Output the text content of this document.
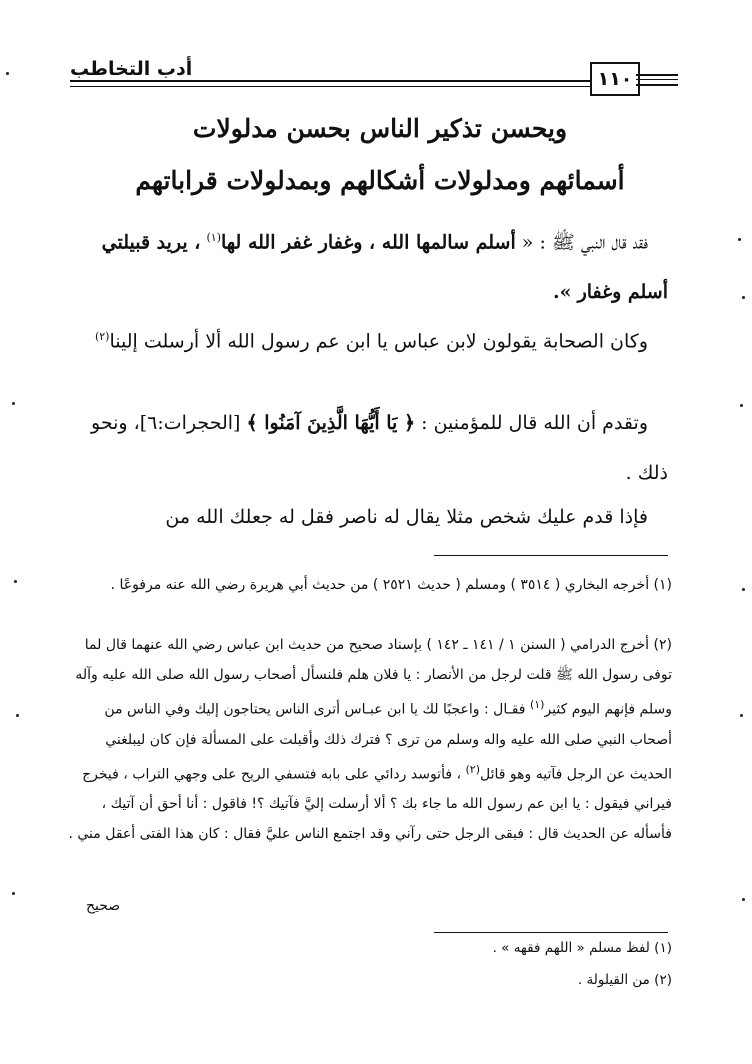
أدب التخاطب	١١٠
ويحسن تذكير الناس بحسن مدلولات
أسمائهم ومدلولات أشكالهم وبمدلولات قراباتهم
فقد قال النبي ﷺ : « أسلم سالمها الله ، وغفار غفر الله لها$^{(١)}$ ، يريد قبيلتي أسلم وغفار ».
وكان الصحابة يقولون لابن عباس يا ابن عم رسول الله ألا أرسلت إلينا$^{(٢)}$
وتقدم أن الله قال للمؤمنين : ﴿ يَا أَيُّهَا الَّذِينَ آمَنُوا ﴾ [الحجرات:٦]، ونحو ذلك .
فإذا قدم عليك شخص مثلا يقال له ناصر فقل له جعلك الله من
(١) أخرجه البخاري ( ٣٥١٤ ) ومسلم ( حديث ٢٥٢١ ) من حديث أبي هريرة رضي الله عنه مرفوعًا .
(٢) أخرج الدرامي ( السنن ١ / ١٤١ ـ ١٤٢ ) بإسناد صحيح من حديث ابن عباس رضي الله عنهما قال لما توفى رسول الله ﷺ قلت لرجل من الأنصار : يا فلان هلم فلنسأل أصحاب رسول الله صلى الله عليه وآله وسلم فإنهم اليوم كثير$^{(١)}$ فقـال : واعجبًا لك يا ابن عبـاس أترى الناس يحتاجون إليك وفي الناس من أصحاب النبي صلى الله عليه واله وسلم من ترى ؟ فترك ذلك وأقبلت على المسألة فإن كان ليبلغني الحديث عن الرجل فآتيه وهو قائل$^{(٢)}$ ، فأتوسد ردائي على بابه فتسفي الريح على وجهي التراب ، فيخرج فيراني فيقول : يا ابن عم رسول الله ما جاء بك ؟ ألا أرسلت إليَّ فآتيك ؟! فاقول : أنا أحق أن آتيك ، فأسأله عن الحديث قال : فبقى الرجل حتى رآني وقد اجتمع الناس عليَّ فقال : كان هذا الفتى أعقل مني .
صحيح
(١) لفظ مسلم « اللهم فقهه » .
(٢) من القيلولة .
